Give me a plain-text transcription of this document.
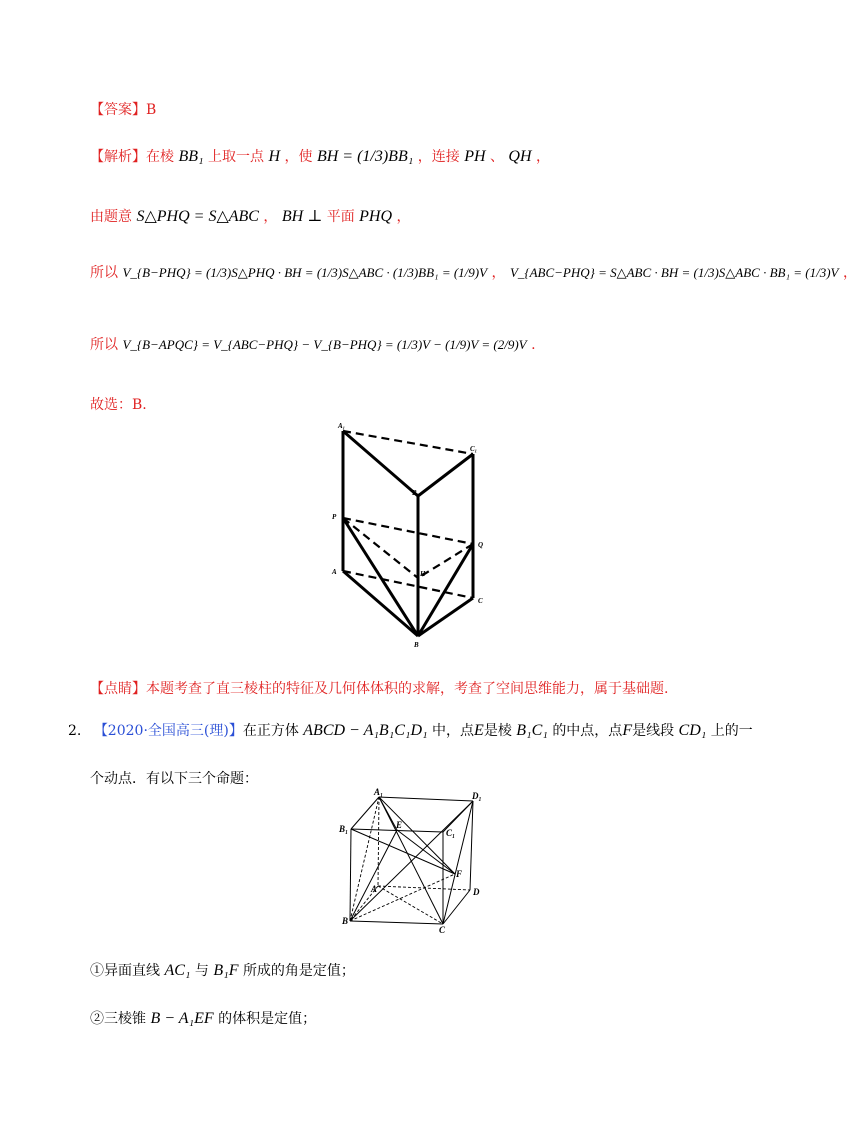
【答案】B
【解析】在棱 BB₁ 上取一点 H ，使 BH = (1/3)BB₁ ，连接 PH 、 QH ，
由题意 S△PHQ = S△ABC ， BH ⊥ 平面 PHQ ，
所以 V_{B−PHQ} = (1/3)S△PHQ · BH = (1/3)S△ABC · (1/3)BB₁ = (1/9)V ， V_{ABC−PHQ} = S△ABC · BH = (1/3)S△ABC · BB₁ = (1/3)V ，
所以 V_{B−APQC} = V_{ABC−PHQ} − V_{B−PHQ} = (1/3)V − (1/9)V = (2/9)V .
故选：B.
A₁
C₁
B₁
P
Q
H
A
C
B
【点睛】本题考查了直三棱柱的特征及几何体体积的求解，考查了空间思维能力，属于基础题.
2. 【2020·全国高三(理)】在正方体 ABCD − A₁B₁C₁D₁ 中，点E是棱 B₁C₁ 的中点，点F是线段 CD₁ 上的一
个动点．有以下三个命题：
A₁	D₁
B₁	E
C₁
A
F
D
B
C
①异面直线 AC₁ 与 B₁F 所成的角是定值；
②三棱锥 B − A₁EF 的体积是定值；
